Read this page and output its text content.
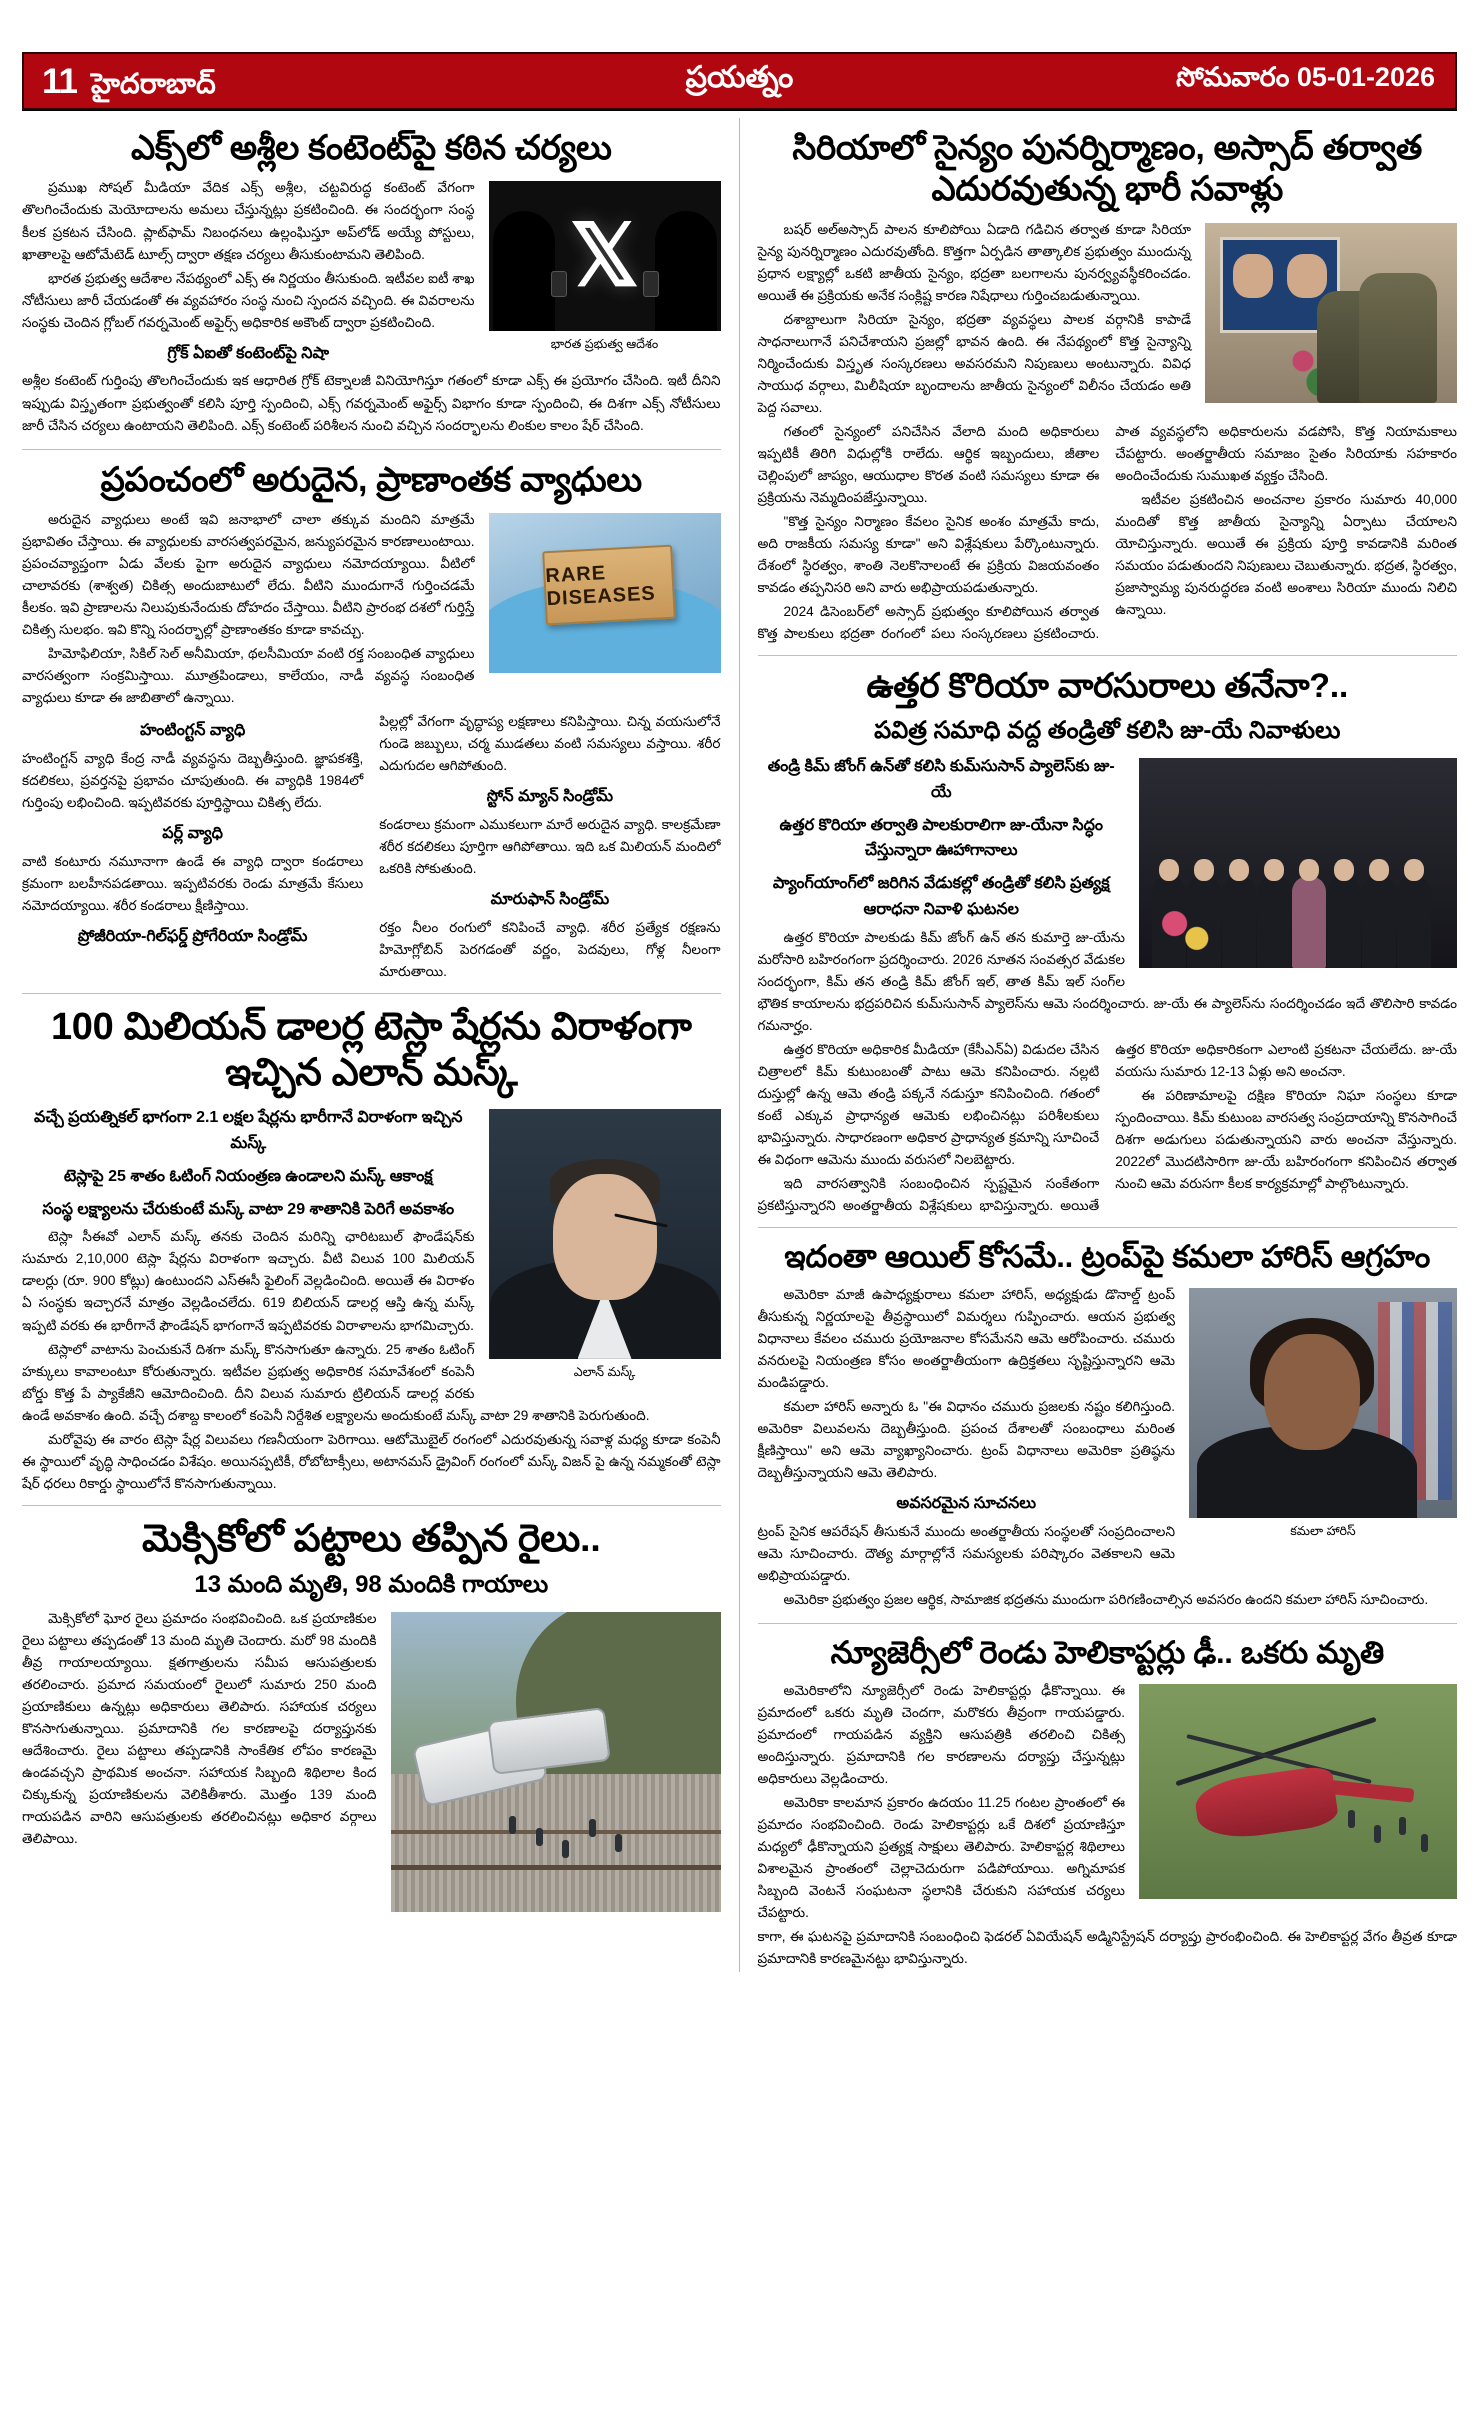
11 హైదరాబాద్	ప్రయత్నం	సోమవారం 05-01-2026
ఎక్స్‌లో అశ్లీల కంటెంట్‌పై కఠిన చర్యలు
𝕏
భారత ప్రభుత్వ ఆదేశం

ప్రముఖ సోషల్ మీడియా వేదిక ఎక్స్ అశ్లీల, చట్టవిరుద్ధ కంటెంట్ వేగంగా తొలగించేందుకు మెయోదాలను అమలు చేస్తున్నట్లు ప్రకటించింది. ఈ సందర్భంగా సంస్థ కీలక ప్రకటన చేసింది. ప్లాట్‌ఫామ్ నిబంధనలు ఉల్లంఘిస్తూ అప్‌లోడ్ అయ్యే పోస్టులు, ఖాతాలపై ఆటోమేటెడ్ టూల్స్ ద్వారా తక్షణ చర్యలు తీసుకుంటామని తెలిపింది.

భారత ప్రభుత్వ ఆదేశాల నేపథ్యంలో ఎక్స్ ఈ నిర్ణయం తీసుకుంది. ఇటీవల ఐటీ శాఖ నోటీసులు జారీ చేయడంతో ఈ వ్యవహారం సంస్థ నుంచి స్పందన వచ్చింది. ఈ వివరాలను సంస్థకు చెందిన గ్లోబల్ గవర్నమెంట్ అఫైర్స్ అధికారిక అకౌంట్ ద్వారా ప్రకటించింది.

గ్రోక్ ఏఐతో కంటెంట్‌పై నిషా

అశ్లీల కంటెంట్ గుర్తింపు తొలగించేందుకు ఇక ఆధారిత గ్రోక్ టెక్నాలజీ వినియోగిస్తూ గతంలో కూడా ఎక్స్ ఈ ప్రయోగం చేసింది. ఇటీ దీనిని ఇప్పుడు విస్తృతంగా ప్రభుత్వంతో కలిసి పూర్తి స్పందించి, ఎక్స్ గవర్నమెంట్ అఫైర్స్ విభాగం కూడా స్పందించి, ఈ దిశగా ఎక్స్ నోటీసులు జారీ చేసిన చర్యలు ఉంటాయని తెలిపింది. ఎక్స్ కంటెంట్ పరిశీలన నుంచి వచ్చిన సందర్భాలను లింకుల కాలం షేర్ చేసింది.

ప్రపంచంలో అరుదైన, ప్రాణాంతక వ్యాధులు
RARE DISEASES

అరుదైన వ్యాధులు అంటే ఇవి జనాభాలో చాలా తక్కువ మందిని మాత్రమే ప్రభావితం చేస్తాయి. ఈ వ్యాధులకు వారసత్వపరమైన, జన్యుపరమైన కారణాలుంటాయి. ప్రపంచవ్యాప్తంగా ఏడు వేలకు పైగా అరుదైన వ్యాధులు నమోదయ్యాయి. వీటిలో చాలావరకు (శాశ్వత) చికిత్స అందుబాటులో లేదు. వీటిని ముందుగానే గుర్తించడమే కీలకం. ఇవి ప్రాణాలను నిలుపుకునేందుకు దోహదం చేస్తాయి. వీటిని ప్రారంభ దశలో గుర్తిస్తే చికిత్స సులభం. ఇవి కొన్ని సందర్భాల్లో ప్రాణాంతకం కూడా కావచ్చు.

హిమోఫిలియా, సికిల్ సెల్ అనీమియా, థలసీమియా వంటి రక్త సంబంధిత వ్యాధులు వారసత్వంగా సంక్రమిస్తాయి. మూత్రపిండాలు, కాలేయం, నాడీ వ్యవస్థ సంబంధిత వ్యాధులు కూడా ఈ జాబితాలో ఉన్నాయి.

హంటింగ్టన్ వ్యాధి

హంటింగ్టన్ వ్యాధి కేంద్ర నాడీ వ్యవస్థను దెబ్బతీస్తుంది. జ్ఞాపకశక్తి, కదలికలు, ప్రవర్తనపై ప్రభావం చూపుతుంది. ఈ వ్యాధికి 1984లో గుర్తింపు లభించింది. ఇప్పటివరకు పూర్తిస్థాయి చికిత్స లేదు.

పర్ల్ వ్యాధి

వాటి కంటూరు నమూనాగా ఉండే ఈ వ్యాధి ద్వారా కండరాలు క్రమంగా బలహీనపడతాయి. ఇప్పటివరకు రెండు మాత్రమే కేసులు నమోదయ్యాయి. శరీర కండరాలు క్షీణిస్తాయి.

ప్రోజీరియా-గిల్‌ఫర్డ్ ప్రోగేరియా సిండ్రోమ్

పిల్లల్లో వేగంగా వృద్ధాప్య లక్షణాలు కనిపిస్తాయి. చిన్న వయసులోనే గుండె జబ్బులు, చర్మ ముడతలు వంటి సమస్యలు వస్తాయి. శరీర ఎదుగుదల ఆగిపోతుంది.

స్టోన్ మ్యాన్ సిండ్రోమ్

కండరాలు క్రమంగా ఎముకలుగా మారే అరుదైన వ్యాధి. కాలక్రమేణా శరీర కదలికలు పూర్తిగా ఆగిపోతాయి. ఇది ఒక మిలియన్ మందిలో ఒకరికి సోకుతుంది.

మారుఫాన్ సిండ్రోమ్

రక్తం నీలం రంగులో కనిపించే వ్యాధి. శరీర ప్రత్యేక రక్షణను హిమోగ్లోబిన్ పెరగడంతో వర్ణం, పెదవులు, గోళ్ల నీలంగా మారుతాయి.

100 మిలియన్ డాలర్ల టెస్లా షేర్లను విరాళంగా ఇచ్చిన ఎలాన్ మస్క్
ఎలాన్ మస్క్
వచ్చే ప్రయత్నికల్ భాగంగా 2.1 లక్షల షేర్లను భారీగానే విరాళంగా ఇచ్చిన మస్క్
టెస్లాపై 25 శాతం ఓటింగ్ నియంత్రణ ఉండాలని మస్క్ ఆకాంక్ష
సంస్థ లక్ష్యాలను చేరుకుంటే మస్క్ వాటా 29 శాతానికి పెరిగే అవకాశం

టెస్లా సీఈవో ఎలాన్ మస్క్ తనకు చెందిన మరిన్ని ఛారిటబుల్ ఫౌండేషన్‌కు సుమారు 2,10,000 టెస్లా షేర్లను విరాళంగా ఇచ్చారు. వీటి విలువ 100 మిలియన్ డాలర్లు (రూ. 900 కోట్లు) ఉంటుందని ఎస్ఈసీ ఫైలింగ్ వెల్లడించింది. అయితే ఈ విరాళం ఏ సంస్థకు ఇచ్చారనే మాత్రం వెల్లడించలేదు. 619 బిలియన్ డాలర్ల ఆస్తి ఉన్న మస్క్ ఇప్పటి వరకు ఈ భారీగానే ఫౌండేషన్ భాగంగానే ఇప్పటివరకు విరాళాలను భాగమిచ్చారు.

టెస్లాలో వాటాను పెంచుకునే దిశగా మస్క్ కొనసాగుతూ ఉన్నారు. 25 శాతం ఓటింగ్ హక్కులు కావాలంటూ కోరుతున్నారు. ఇటీవల ప్రభుత్వ అధికారిక సమావేశంలో కంపెనీ బోర్డు కొత్త పే ప్యాకేజీని ఆమోదించింది. దీని విలువ సుమారు ట్రిలియన్ డాలర్ల వరకు ఉండే అవకాశం ఉంది. వచ్చే దశాబ్ద కాలంలో కంపెనీ నిర్దేశిత లక్ష్యాలను అందుకుంటే మస్క్ వాటా 29 శాతానికి పెరుగుతుంది.

మరోవైపు ఈ వారం టెస్లా షేర్ల విలువలు గణనీయంగా పెరిగాయి. ఆటోమొబైల్ రంగంలో ఎదురవుతున్న సవాళ్ల మధ్య కూడా కంపెనీ ఈ స్థాయిలో వృద్ధి సాధించడం విశేషం. అయినప్పటికీ, రోబోటాక్సీలు, అటానమస్ డ్రైవింగ్ రంగంలో మస్క్ విజన్ పై ఉన్న నమ్మకంతో టెస్లా షేర్ ధరలు రికార్డు స్థాయిలోనే కొనసాగుతున్నాయి.

మెక్సికోలో పట్టాలు తప్పిన రైలు..
13 మంది మృతి, 98 మందికి గాయాలు

మెక్సికోలో ఘోర రైలు ప్రమాదం సంభవించింది. ఒక ప్రయాణికుల రైలు పట్టాలు తప్పడంతో 13 మంది మృతి చెందారు. మరో 98 మందికి తీవ్ర గాయాలయ్యాయి. క్షతగాత్రులను సమీప ఆసుపత్రులకు తరలించారు. ప్రమాద సమయంలో రైలులో సుమారు 250 మంది ప్రయాణికులు ఉన్నట్లు అధికారులు తెలిపారు. సహాయక చర్యలు కొనసాగుతున్నాయి. ప్రమాదానికి గల కారణాలపై దర్యాప్తునకు ఆదేశించారు. రైలు పట్టాలు తప్పడానికి సాంకేతిక లోపం కారణమై ఉండవచ్చని ప్రాథమిక అంచనా. సహాయక సిబ్బంది శిథిలాల కింద చిక్కుకున్న ప్రయాణికులను వెలికితీశారు. మొత్తం 139 మంది గాయపడిన వారిని ఆసుపత్రులకు తరలించినట్లు అధికార వర్గాలు తెలిపాయి.

సిరియాలో సైన్యం పునర్నిర్మాణం, అస్సాద్ తర్వాత ఎదురవుతున్న భారీ సవాళ్లు

బషర్ అల్‌అస్సాద్ పాలన కూలిపోయి ఏడాది గడిచిన తర్వాత కూడా సిరియా సైన్య పునర్నిర్మాణం ఎదురవుతోంది. కొత్తగా ఏర్పడిన తాత్కాలిక ప్రభుత్వం ముందున్న ప్రధాన లక్ష్యాల్లో ఒకటి జాతీయ సైన్యం, భద్రతా బలగాలను పునర్వ్యవస్థీకరించడం. అయితే ఈ ప్రక్రియకు అనేక సంక్లిష్ట కారణ నిషేధాలు గుర్తించబడుతున్నాయి.

దశాబ్దాలుగా సిరియా సైన్యం, భద్రతా వ్యవస్థలు పాలక వర్గానికి కాపాడే సాధనాలుగానే పనిచేశాయని ప్రజల్లో భావన ఉంది. ఈ నేపథ్యంలో కొత్త సైన్యాన్ని నిర్మించేందుకు విస్తృత సంస్కరణలు అవసరమని నిపుణులు అంటున్నారు. వివిధ సాయుధ వర్గాలు, మిలీషియా బృందాలను జాతీయ సైన్యంలో విలీనం చేయడం అతి పెద్ద సవాలు.

గతంలో సైన్యంలో పనిచేసిన వేలాది మంది అధికారులు ఇప్పటికీ తిరిగి విధుల్లోకి రాలేదు. ఆర్థిక ఇబ్బందులు, జీతాల చెల్లింపులో జాప్యం, ఆయుధాల కొరత వంటి సమస్యలు కూడా ఈ ప్రక్రియను నెమ్మదింపజేస్తున్నాయి.

"కొత్త సైన్యం నిర్మాణం కేవలం సైనిక అంశం మాత్రమే కాదు, అది రాజకీయ సమస్య కూడా" అని విశ్లేషకులు పేర్కొంటున్నారు. దేశంలో స్థిరత్వం, శాంతి నెలకొనాలంటే ఈ ప్రక్రియ విజయవంతం కావడం తప్పనిసరి అని వారు అభిప్రాయపడుతున్నారు.

2024 డిసెంబర్‌లో అస్సాద్ ప్రభుత్వం కూలిపోయిన తర్వాత కొత్త పాలకులు భద్రతా రంగంలో పలు సంస్కరణలు ప్రకటించారు. పాత వ్యవస్థలోని అధికారులను వడపోసి, కొత్త నియామకాలు చేపట్టారు. అంతర్జాతీయ సమాజం సైతం సిరియాకు సహకారం అందించేందుకు సుముఖత వ్యక్తం చేసింది.

ఇటీవల ప్రకటించిన అంచనాల ప్రకారం సుమారు 40,000 మందితో కొత్త జాతీయ సైన్యాన్ని ఏర్పాటు చేయాలని యోచిస్తున్నారు. అయితే ఈ ప్రక్రియ పూర్తి కావడానికి మరింత సమయం పడుతుందని నిపుణులు చెబుతున్నారు. భద్రత, స్థిరత్వం, ప్రజాస్వామ్య పునరుద్ధరణ వంటి అంశాలు సిరియా ముందు నిలిచి ఉన్నాయి.

ఉత్తర కొరియా వారసురాలు తనేనా?..
పవిత్ర సమాధి వద్ద తండ్రితో కలిసి జు-యే నివాళులు
తండ్రి కిమ్ జోంగ్ ఉన్‌తో కలిసి కుమ్‌సుసాన్ ప్యాలెస్‌కు జు-యే
ఉత్తర కొరియా తర్వాతి పాలకురాలిగా జు-యేనా సిద్ధం చేస్తున్నారా ఊహాగానాలు
ప్యాంగ్‌యాంగ్‌లో జరిగిన వేడుకల్లో తండ్రితో కలిసి ప్రత్యక్ష ఆరాధనా నివాళి ఘటనల

ఉత్తర కొరియా పాలకుడు కిమ్ జోంగ్ ఉన్ తన కుమార్తె జు-యేను మరోసారి బహిరంగంగా ప్రదర్శించారు. 2026 నూతన సంవత్సర వేడుకల సందర్భంగా, కిమ్ తన తండ్రి కిమ్ జోంగ్ ఇల్, తాత కిమ్ ఇల్ సంగ్‌ల భౌతిక కాయాలను భద్రపరిచిన కుమ్‌సుసాన్ ప్యాలెస్‌ను ఆమె సందర్శించారు. జు-యే ఈ ప్యాలెస్‌ను సందర్శించడం ఇదే తొలిసారి కావడం గమనార్హం.

ఉత్తర కొరియా అధికారిక మీడియా (కేసీఎన్ఏ) విడుదల చేసిన చిత్రాలలో కిమ్ కుటుంబంతో పాటు ఆమె కనిపించారు. నల్లటి దుస్తుల్లో ఉన్న ఆమె తండ్రి పక్కనే నడుస్తూ కనిపించింది. గతంలో కంటే ఎక్కువ ప్రాధాన్యత ఆమెకు లభించినట్లు పరిశీలకులు భావిస్తున్నారు. సాధారణంగా అధికార ప్రాధాన్యత క్రమాన్ని సూచించే ఈ విధంగా ఆమెను ముందు వరుసలో నిలబెట్టారు.

ఇది వారసత్వానికి సంబంధించిన స్పష్టమైన సంకేతంగా ప్రకటిస్తున్నారని అంతర్జాతీయ విశ్లేషకులు భావిస్తున్నారు. అయితే ఉత్తర కొరియా అధికారికంగా ఎలాంటి ప్రకటనా చేయలేదు. జు-యే వయసు సుమారు 12-13 ఏళ్లు అని అంచనా.

ఈ పరిణామాలపై దక్షిణ కొరియా నిఘా సంస్థలు కూడా స్పందించాయి. కిమ్ కుటుంబ వారసత్వ సంప్రదాయాన్ని కొనసాగించే దిశగా అడుగులు పడుతున్నాయని వారు అంచనా వేస్తున్నారు. 2022లో మొదటిసారిగా జు-యే బహిరంగంగా కనిపించిన తర్వాత నుంచి ఆమె వరుసగా కీలక కార్యక్రమాల్లో పాల్గొంటున్నారు.

ఇదంతా ఆయిల్ కోసమే.. ట్రంప్‌పై కమలా హారిస్ ఆగ్రహం
కమలా హారిస్

అమెరికా మాజీ ఉపాధ్యక్షురాలు కమలా హారిస్, అధ్యక్షుడు డొనాల్డ్ ట్రంప్ తీసుకున్న నిర్ణయాలపై తీవ్రస్థాయిలో విమర్శలు గుప్పించారు. ఆయన ప్రభుత్వ విధానాలు కేవలం చమురు ప్రయోజనాల కోసమేనని ఆమె ఆరోపించారు. చమురు వనరులపై నియంత్రణ కోసం అంతర్జాతీయంగా ఉద్రిక్తతలు సృష్టిస్తున్నారని ఆమె మండిపడ్డారు.

కమలా హారిస్ అన్నారు ఓ "ఈ విధానం చమురు ప్రజలకు నష్టం కలిగిస్తుంది. అమెరికా విలువలను దెబ్బతీస్తుంది. ప్రపంచ దేశాలతో సంబంధాలు మరింత క్షీణిస్తాయి" అని ఆమె వ్యాఖ్యానించారు. ట్రంప్ విధానాలు అమెరికా ప్రతిష్ఠను దెబ్బతీస్తున్నాయని ఆమె తెలిపారు.

అవసరమైన సూచనలు

ట్రంప్ సైనిక ఆపరేషన్ తీసుకునే ముందు అంతర్జాతీయ సంస్థలతో సంప్రదించాలని ఆమె సూచించారు. దౌత్య మార్గాల్లోనే సమస్యలకు పరిష్కారం వెతకాలని ఆమె అభిప్రాయపడ్డారు.

అమెరికా ప్రభుత్వం ప్రజల ఆర్థిక, సామాజిక భద్రతను ముందుగా పరిగణించాల్సిన అవసరం ఉందని కమలా హారిస్ సూచించారు.

న్యూజెర్సీలో రెండు హెలికాప్టర్లు ఢీ.. ఒకరు మృతి

అమెరికాలోని న్యూజెర్సీలో రెండు హెలికాప్టర్లు ఢీకొన్నాయి. ఈ ప్రమాదంలో ఒకరు మృతి చెందగా, మరొకరు తీవ్రంగా గాయపడ్డారు. ప్రమాదంలో గాయపడిన వ్యక్తిని ఆసుపత్రికి తరలించి చికిత్స అందిస్తున్నారు. ప్రమాదానికి గల కారణాలను దర్యాప్తు చేస్తున్నట్లు అధికారులు వెల్లడించారు.

అమెరికా కాలమాన ప్రకారం ఉదయం 11.25 గంటల ప్రాంతంలో ఈ ప్రమాదం సంభవించింది. రెండు హెలికాప్టర్లు ఒకే దిశలో ప్రయాణిస్తూ మధ్యలో ఢీకొన్నాయని ప్రత్యక్ష సాక్షులు తెలిపారు. హెలికాప్టర్ల శిథిలాలు విశాలమైన ప్రాంతంలో చెల్లాచెదురుగా పడిపోయాయి. అగ్నిమాపక సిబ్బంది వెంటనే సంఘటనా స్థలానికి చేరుకుని సహాయక చర్యలు చేపట్టారు.

కాగా, ఈ ఘటనపై ప్రమాదానికి సంబంధించి ఫెడరల్ ఏవియేషన్ అడ్మినిస్ట్రేషన్ దర్యాప్తు ప్రారంభించింది. ఈ హెలికాప్టర్ల వేగం తీవ్రత కూడా ప్రమాదానికి కారణమైనట్టు భావిస్తున్నారు.
